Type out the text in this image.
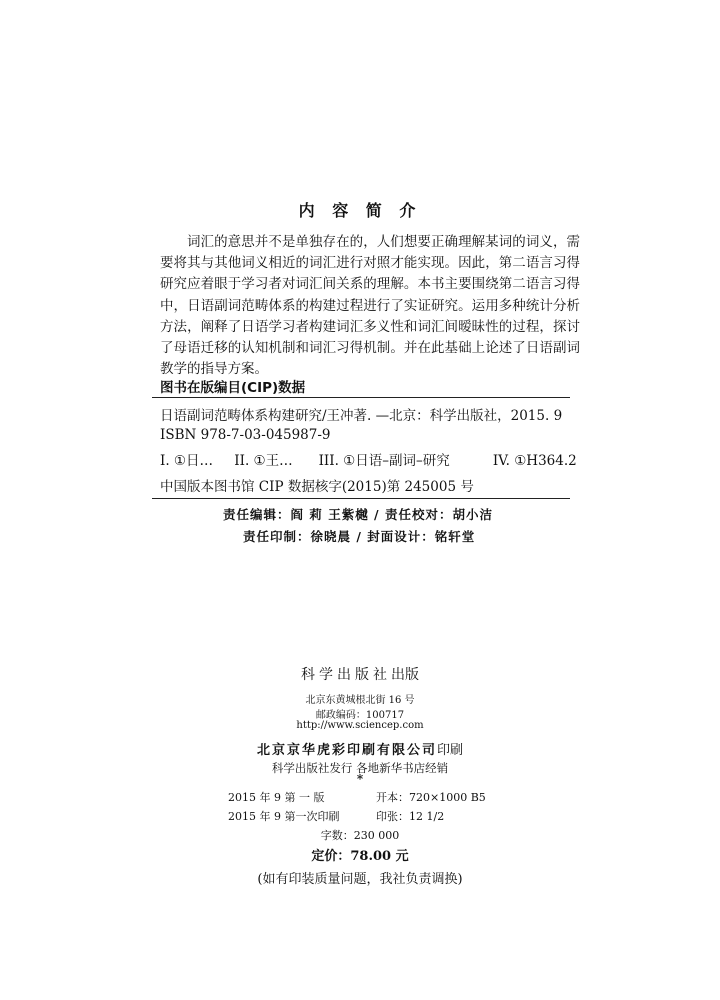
内 容 简 介

词汇的意思并不是单独存在的，人们想要正确理解某词的词义，需要将其与其他词义相近的词汇进行对照才能实现。因此，第二语言习得研究应着眼于学习者对词汇间关系的理解。本书主要围绕第二语言习得中，日语副词范畴体系的构建过程进行了实证研究。运用多种统计分析方法，阐释了日语学习者构建词汇多义性和词汇间暧昧性的过程，探讨了母语迁移的认知机制和词汇习得机制。并在此基础上论述了日语副词教学的指导方案。

图书在版编目(CIP)数据
日语副词范畴体系构建研究/王冲著. —北京：科学出版社，2015. 9
ISBN 978-7-03-045987-9
I. ①日… II. ①王… III. ①日语–副词–研究	IV. ①H364.2
中国版本图书馆 CIP 数据核字(2015)第 245005 号
责任编辑：阎 莉 王紫樾 / 责任校对：胡小洁
责任印制：徐晓晨 / 封面设计：铭轩堂
科学出版社出版
北京东黄城根北街 16 号
邮政编码：100717
http://www.sciencep.com
北京京华虎彩印刷有限公司印刷
科学出版社发行 各地新华书店经销
*
2015 年 9 第 一 版	开本：720×1000 B5
2015 年 9 第一次印刷	印张：12 1/2
字数：230 000
定价：78.00 元
(如有印装质量问题，我社负责调换)
